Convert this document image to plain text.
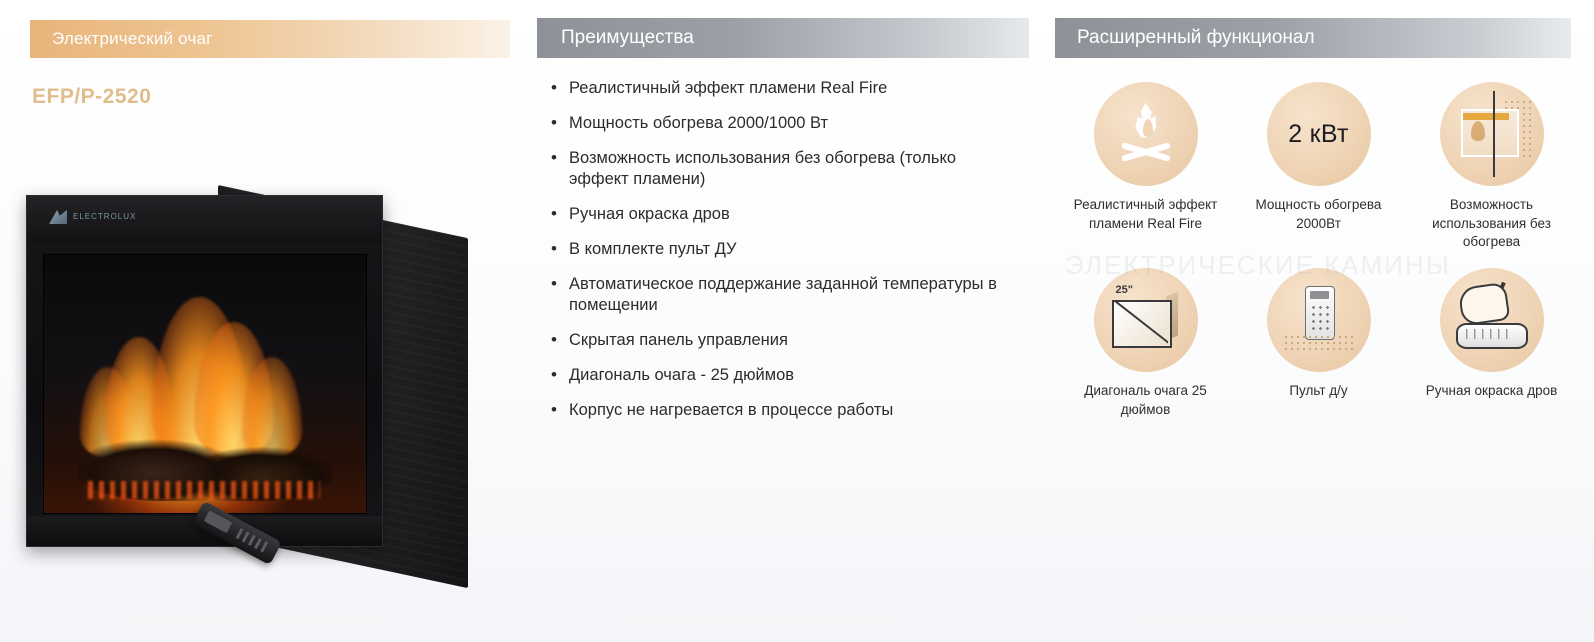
Электрический очаг
EFP/P-2520
ELECTROLUX
Преимущества
• Реалистичный эффект пламени Real Fire
• Мощность обогрева 2000/1000 Вт
• Возможность использования без обогрева (только эффект пламени)
• Ручная окраска дров
• В комплекте пульт ДУ
• Автоматическое поддержание заданной температуры в помещении
• Скрытая панель управления
• Диагональ очага - 25 дюймов
• Корпус не нагревается в процессе работы
Расширенный функционал
Реалистичный эффект пламени Real Fire
2 кВт
Мощность обогрева 2000Вт
Возможность использования без обогрева
25"
Диагональ очага 25 дюймов
Пульт д/у	Ручная окраска дров
ЭЛЕКТРИЧЕСКИЕ КАМИНЫ
